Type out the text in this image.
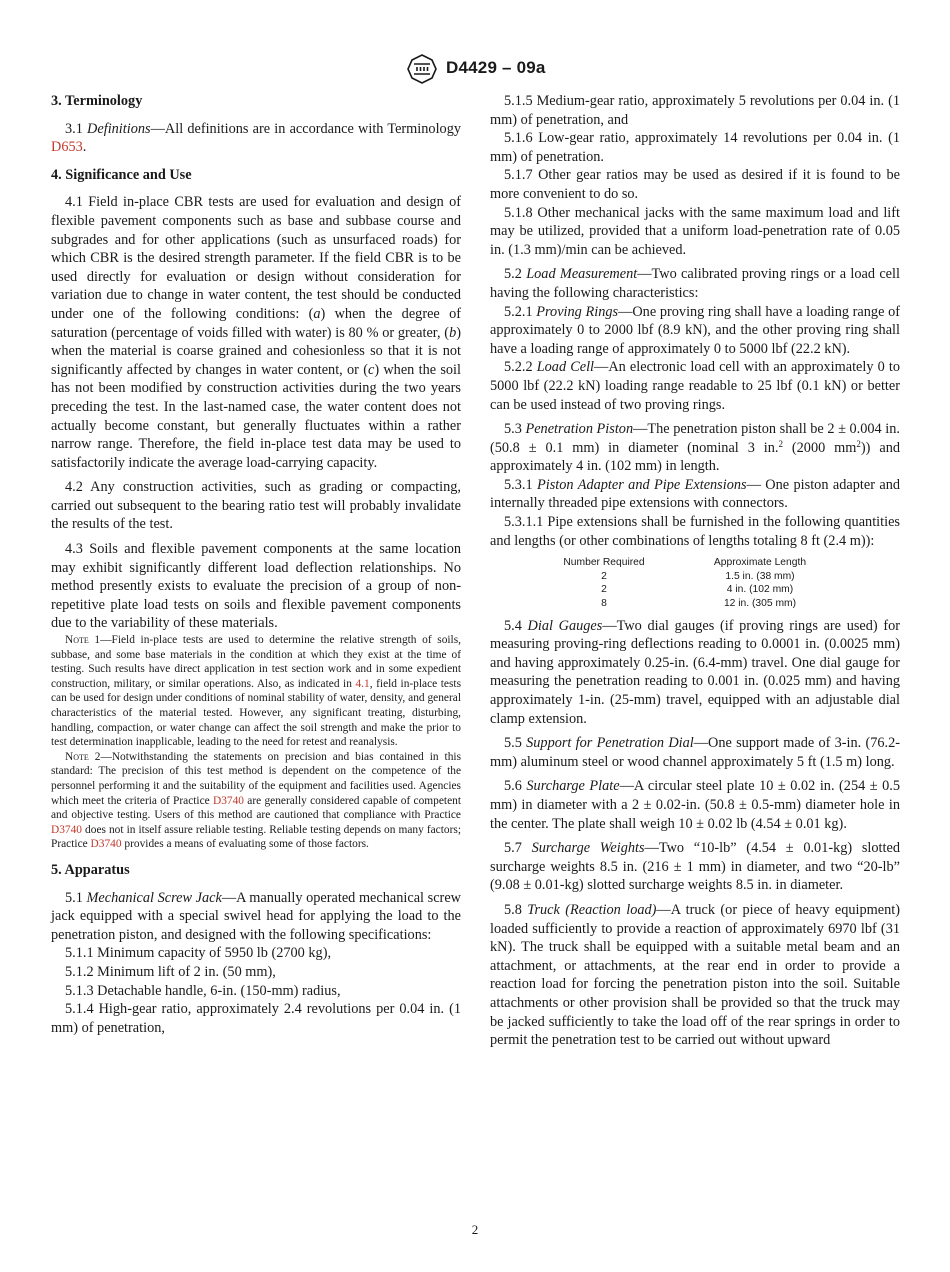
D4429 – 09a

3. Terminology

3.1 Definitions—All definitions are in accordance with Terminology D653.

4. Significance and Use

4.1 Field in-place CBR tests are used for evaluation and design of flexible pavement components such as base and subbase course and subgrades and for other applications (such as unsurfaced roads) for which CBR is the desired strength parameter. If the field CBR is to be used directly for evaluation or design without consideration for variation due to change in water content, the test should be conducted under one of the following conditions: (a) when the degree of saturation (percentage of voids filled with water) is 80 % or greater, (b) when the material is coarse grained and cohesionless so that it is not significantly affected by changes in water content, or (c) when the soil has not been modified by construction activities during the two years preceding the test. In the last-named case, the water content does not actually become constant, but generally fluctuates within a rather narrow range. Therefore, the field in-place test data may be used to satisfactorily indicate the average load-carrying capacity.

4.2 Any construction activities, such as grading or compacting, carried out subsequent to the bearing ratio test will probably invalidate the results of the test.

4.3 Soils and flexible pavement components at the same location may exhibit significantly different load deflection relationships. No method presently exists to evaluate the precision of a group of non-repetitive plate load tests on soils and flexible pavement components due to the variability of these materials.

Note 1—Field in-place tests are used to determine the relative strength of soils, subbase, and some base materials in the condition at which they exist at the time of testing. Such results have direct application in test section work and in some expedient construction, military, or similar operations. Also, as indicated in 4.1, field in-place tests can be used for design under conditions of nominal stability of water, density, and general characteristics of the material tested. However, any significant treating, disturbing, handling, compaction, or water change can affect the soil strength and make the prior to test determination inapplicable, leading to the need for retest and reanalysis.

Note 2—Notwithstanding the statements on precision and bias contained in this standard: The precision of this test method is dependent on the competence of the personnel performing it and the suitability of the equipment and facilities used. Agencies which meet the criteria of Practice D3740 are generally considered capable of competent and objective testing. Users of this method are cautioned that compliance with Practice D3740 does not in itself assure reliable testing. Reliable testing depends on many factors; Practice D3740 provides a means of evaluating some of those factors.

5. Apparatus

5.1 Mechanical Screw Jack—A manually operated mechanical screw jack equipped with a special swivel head for applying the load to the penetration piston, and designed with the following specifications:

5.1.1 Minimum capacity of 5950 lb (2700 kg),

5.1.2 Minimum lift of 2 in. (50 mm),

5.1.3 Detachable handle, 6-in. (150-mm) radius,

5.1.4 High-gear ratio, approximately 2.4 revolutions per 0.04 in. (1 mm) of penetration,

5.1.5 Medium-gear ratio, approximately 5 revolutions per 0.04 in. (1 mm) of penetration, and

5.1.6 Low-gear ratio, approximately 14 revolutions per 0.04 in. (1 mm) of penetration.

5.1.7 Other gear ratios may be used as desired if it is found to be more convenient to do so.

5.1.8 Other mechanical jacks with the same maximum load and lift may be utilized, provided that a uniform load-penetration rate of 0.05 in. (1.3 mm)/min can be achieved.

5.2 Load Measurement—Two calibrated proving rings or a load cell having the following characteristics:

5.2.1 Proving Rings—One proving ring shall have a loading range of approximately 0 to 2000 lbf (8.9 kN), and the other proving ring shall have a loading range of approximately 0 to 5000 lbf (22.2 kN).

5.2.2 Load Cell—An electronic load cell with an approximately 0 to 5000 lbf (22.2 kN) loading range readable to 25 lbf (0.1 kN) or better can be used instead of two proving rings.

5.3 Penetration Piston—The penetration piston shall be 2 ± 0.004 in. (50.8 ± 0.1 mm) in diameter (nominal 3 in.$^2$ (2000 $mm^2$)) and approximately 4 in. (102 mm) in length.

5.3.1 Piston Adapter and Pipe Extensions— One piston adapter and internally threaded pipe extensions with connectors.

5.3.1.1 Pipe extensions shall be furnished in the following quantities and lengths (or other combinations of lengths totaling 8 ft (2.4 m)):

Number Required	Approximate Length
2	1.5 in. (38 mm)
2	4 in. (102 mm)
8	12 in. (305 mm)

5.4 Dial Gauges—Two dial gauges (if proving rings are used) for measuring proving-ring deflections reading to 0.0001 in. (0.0025 mm) and having approximately 0.25-in. (6.4-mm) travel. One dial gauge for measuring the penetration reading to 0.001 in. (0.025 mm) and having approximately 1-in. (25-mm) travel, equipped with an adjustable dial clamp extension.

5.5 Support for Penetration Dial—One support made of 3-in. (76.2-mm) aluminum steel or wood channel approximately 5 ft (1.5 m) long.

5.6 Surcharge Plate—A circular steel plate 10 ± 0.02 in. (254 ± 0.5 mm) in diameter with a 2 ± 0.02-in. (50.8 ± 0.5-mm) diameter hole in the center. The plate shall weigh 10 ± 0.02 lb (4.54 ± 0.01 kg).

5.7 Surcharge Weights—Two “10-lb” (4.54 ± 0.01-kg) slotted surcharge weights 8.5 in. (216 ± 1 mm) in diameter, and two “20-lb” (9.08 ± 0.01-kg) slotted surcharge weights 8.5 in. in diameter.

5.8 Truck (Reaction load)—A truck (or piece of heavy equipment) loaded sufficiently to provide a reaction of approximately 6970 lbf (31 kN). The truck shall be equipped with a suitable metal beam and an attachment, or attachments, at the rear end in order to provide a reaction load for forcing the penetration piston into the soil. Suitable attachments or other provision shall be provided so that the truck may be jacked sufficiently to take the load off of the rear springs in order to permit the penetration test to be carried out without upward

2
